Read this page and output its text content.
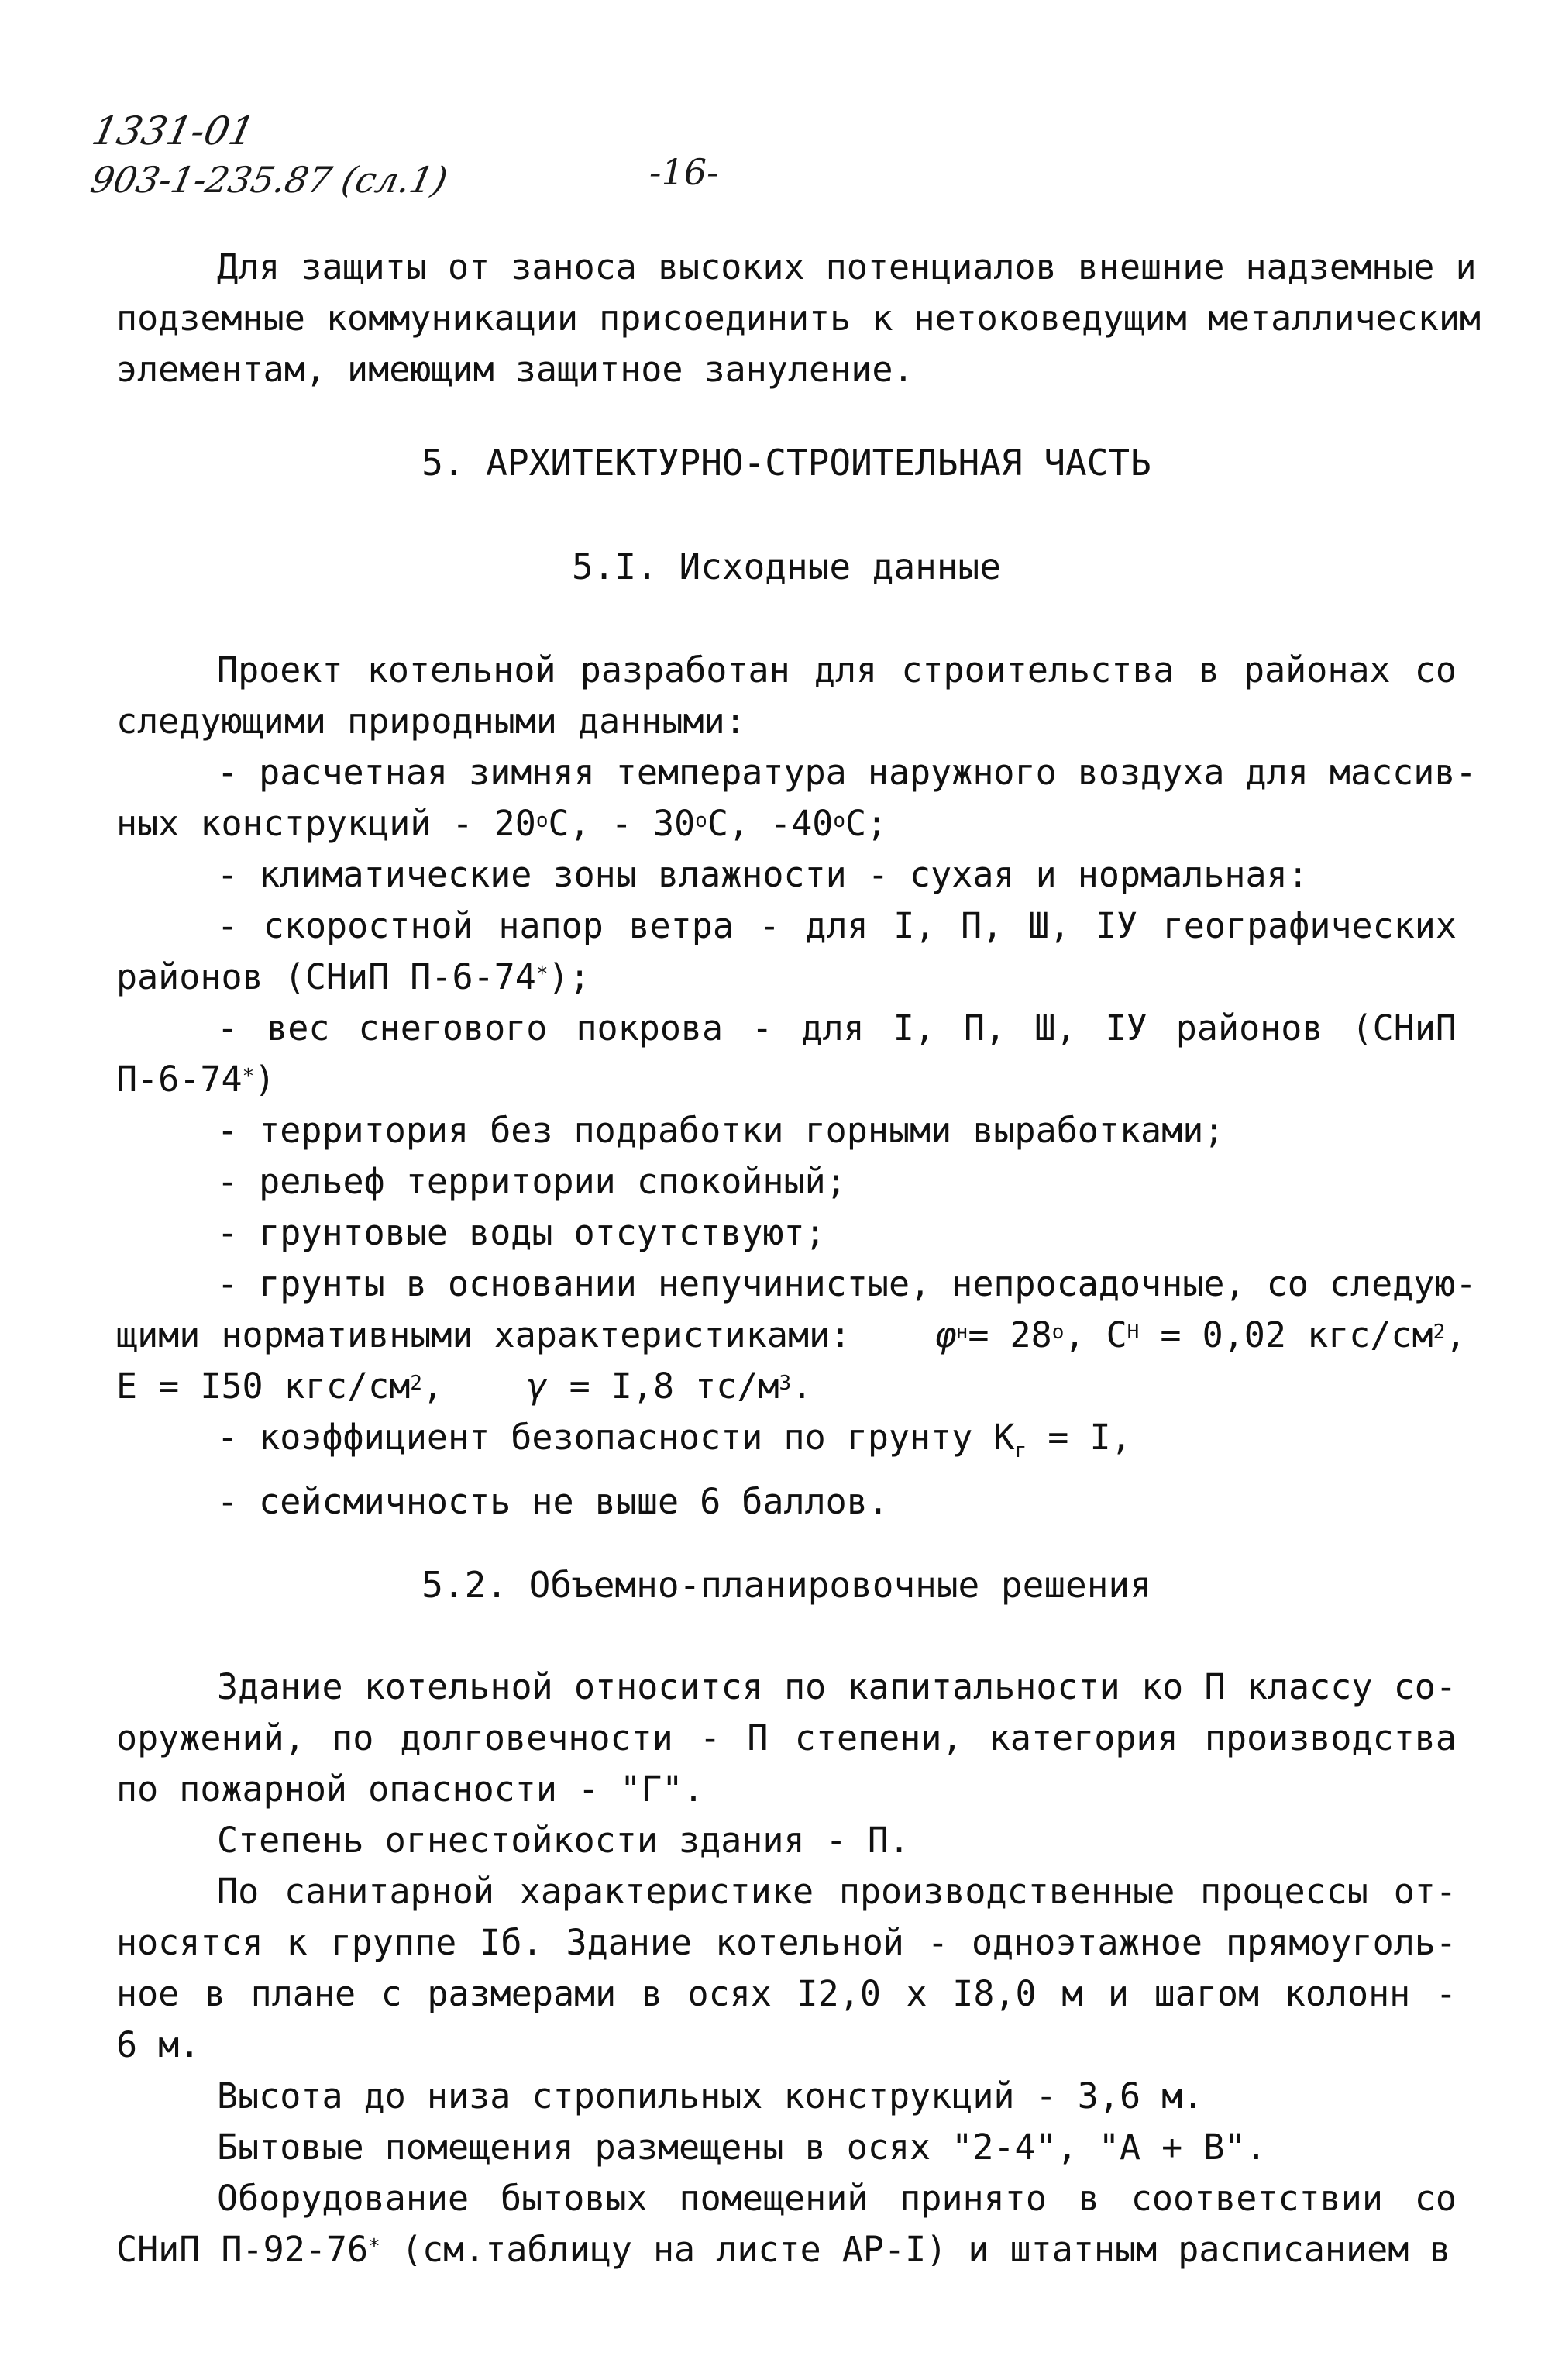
1331-01
903-1-235.87 (сл.1)	-16-
Для защиты от заноса высоких потенциалов внешние надземные и
подземные коммуникации присоединить к нетоковедущим металлическим
элементам, имеющим защитное зануление.
5. АРХИТЕКТУРНО-СТРОИТЕЛЬНАЯ ЧАСТЬ
5.I. Исходные данные
Проект котельной разработан для строительства в районах со
следующими природными данными:
- расчетная зимняя температура наружного воздуха для массив-
ных конструкций - $20^оС$, - $30^оС$, $-40^оС$;
- климатические зоны влажности - сухая и нормальная:
- скоростной напор ветра - для I, П, Ш, IУ географических
районов (СНиП П-6-74*);
- вес снегового покрова - для I, П, Ш, IУ районов (СНиП
П-6-74*)
- территория без подработки горными выработками;
- рельеф территории спокойный;
- грунтовые воды отсутствуют;
- грунты в основании непучинистые, непросадочные, со следую-
щими нормативными характеристиками: $\varphi^н= 28^о$, $С^Н = 0,02$ кгс/$см^2$,
E = I50 кгс/$см^2$, γ = I,8 $тс/м^3$.
- коэффициент безопасности по грунту $К_г = I$,
- сейсмичность не выше 6 баллов.
5.2. Объемно-планировочные решения
Здание котельной относится по капитальности ко П классу со-
оружений, по долговечности - П степени, категория производства
по пожарной опасности - "Г".
Степень огнестойкости здания - П.
По санитарной характеристике производственные процессы от-
носятся к группе Iб. Здание котельной - одноэтажное прямоуголь-
ное в плане с размерами в осях I2,0 х I8,0 м и шагом колонн -
6 м.
Высота до низа стропильных конструкций - 3,6 м.
Бытовые помещения размещены в осях "2-4", "А + В".
Оборудование бытовых помещений принято в соответствии со
СНиП П-92-76* (см.таблицу на листе АР-I) и штатным расписанием в
